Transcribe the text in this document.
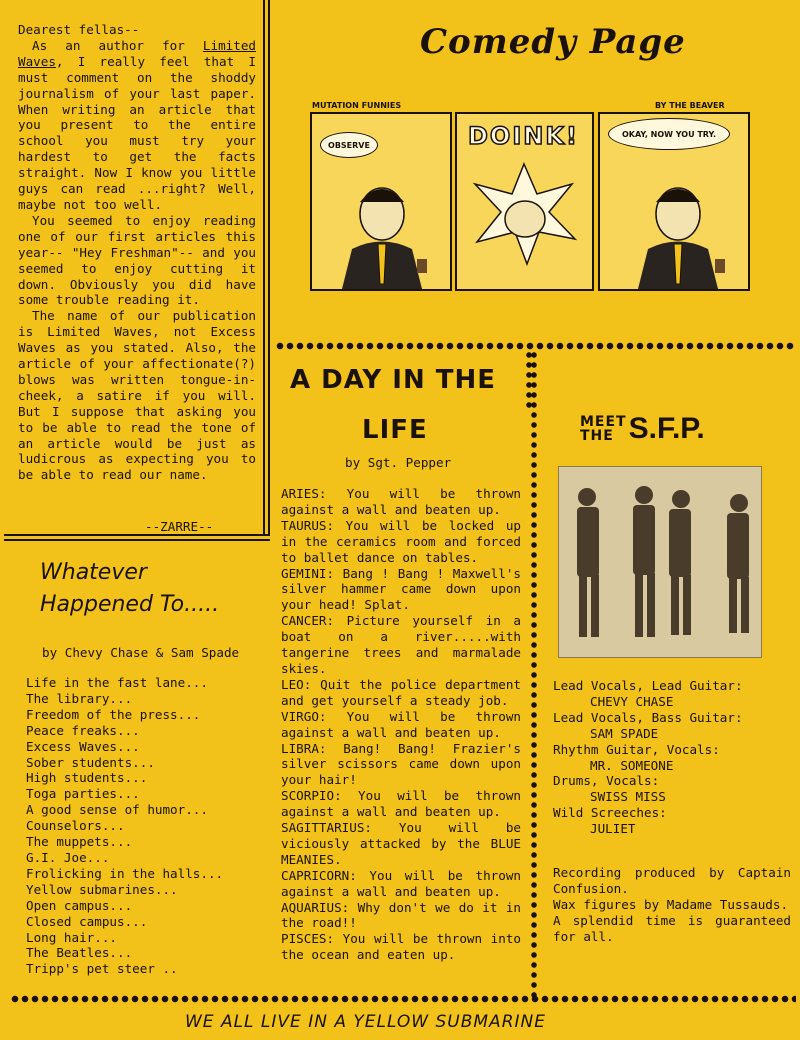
Dearest fellas--

As an author for Limited Waves, I really feel that I must comment on the shoddy journalism of your last paper. When writing an article that you present to the entire school you must try your hardest to get the facts straight. Now I know you little guys can read ...right? Well, maybe not too well.

You seemed to enjoy reading one of our first articles this year-- "Hey Freshman"-- and you seemed to enjoy cutting it down. Obviously you did have some trouble reading it.

The name of our publication is Limited Waves, not Excess Waves as you stated. Also, the article of your affectionate(?) blows was written tongue-in-cheek, a satire if you will. But I suppose that asking you to be able to read the tone of an article would be just as ludicrous as expecting you to be able to read our name.

--ZARRE--
Comedy Page
MUTATION FUNNIES	BY THE BEAVER
OBSERVE	DOINK!	OKAY, NOW YOU TRY.
Whatever
Happened To.....
by Chevy Chase & Sam Spade
Life in the fast lane...
The library...
Freedom of the press...
Peace freaks...
Excess Waves...
Sober students...
High students...
Toga parties...
A good sense of humor...
Counselors...
The muppets...
G.I. Joe...
Frolicking in the halls...
Yellow submarines...
Open campus...
Closed campus...
Long hair...
The Beatles...
Tripp's pet steer ..
A DAY IN THE
LIFE
by Sgt. Pepper
ARIES: You will be thrown against a wall and beaten up.
TAURUS: You will be locked up in the ceramics room and forced to ballet dance on tables.
GEMINI: Bang ! Bang ! Maxwell's silver hammer came down upon your head! Splat.
CANCER: Picture yourself in a boat on a river.....with tangerine trees and marmalade skies.
LEO: Quit the police department and get yourself a steady job.
VIRGO: You will be thrown against a wall and beaten up.
LIBRA: Bang! Bang! Frazier's silver scissors came down upon your hair!
SCORPIO: You will be thrown against a wall and beaten up.
SAGITTARIUS: You will be viciously attacked by the BLUE MEANIES.
CAPRICORN: You will be thrown against a wall and beaten up.
AQUARIUS: Why don't we do it in the road!!
PISCES: You will be thrown into the ocean and eaten up.
MEET
THE S.F.P.
Lead Vocals, Lead Guitar:
CHEVY CHASE
Lead Vocals, Bass Guitar:
SAM SPADE
Rhythm Guitar, Vocals:
MR. SOMEONE
Drums, Vocals:
SWISS MISS
Wild Screeches:
JULIET
Recording produced by Captain Confusion.
Wax figures by Madame Tussauds.
A splendid time is guaranteed for all.
WE ALL LIVE IN A YELLOW SUBMARINE
